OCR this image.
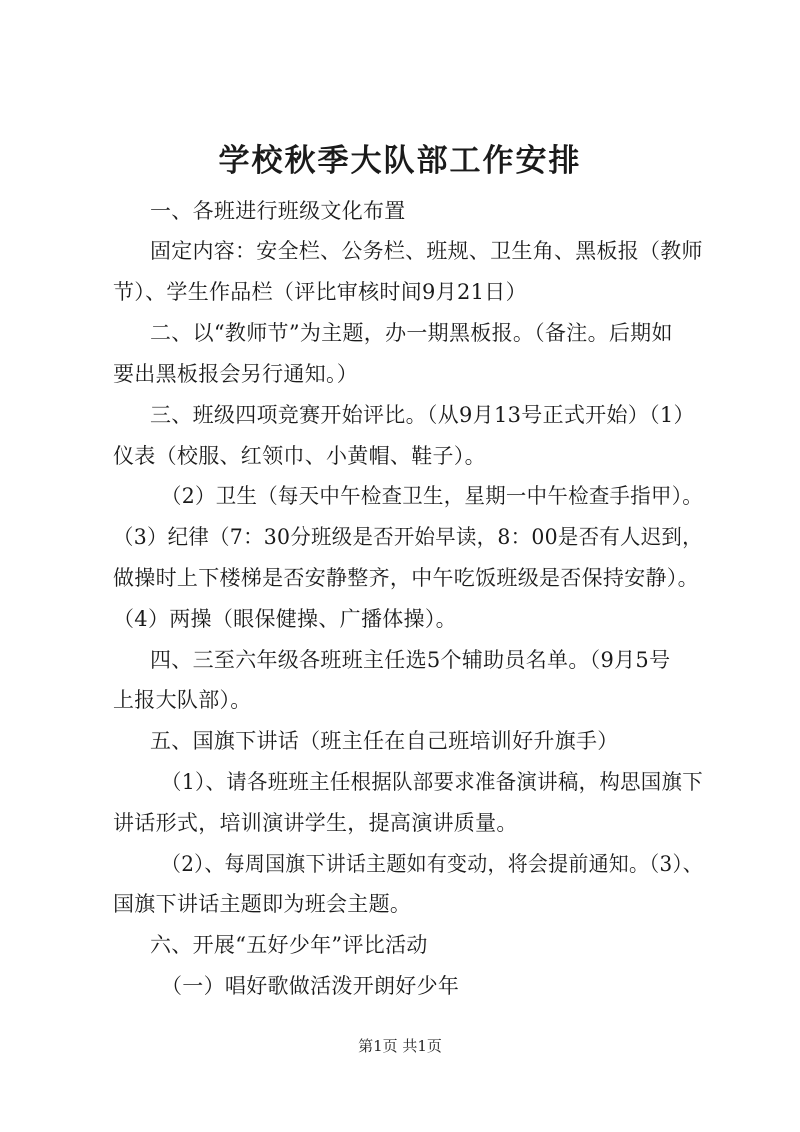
学校秋季大队部工作安排
一、各班进行班级文化布置
固定内容：安全栏、公务栏、班规、卫生角、黑板报（教师
节）、学生作品栏（评比审核时间9月21日）
二、以“教师节”为主题，办一期黑板报。（备注。后期如
要出黑板报会另行通知。）
三、班级四项竞赛开始评比。（从9月13号正式开始）（1）
仪表（校服、红领巾、小黄帽、鞋子）。
（2）卫生（每天中午检查卫生，星期一中午检查手指甲）。
（3）纪律（7：30分班级是否开始早读，8：00是否有人迟到，
做操时上下楼梯是否安静整齐，中午吃饭班级是否保持安静）。
（4）两操（眼保健操、广播体操）。
四、三至六年级各班班主任选5个辅助员名单。（9月5号
上报大队部）。
五、国旗下讲话（班主任在自己班培训好升旗手）
（1）、请各班班主任根据队部要求准备演讲稿，构思国旗下
讲话形式，培训演讲学生，提高演讲质量。
（2）、每周国旗下讲话主题如有变动，将会提前通知。（3）、
国旗下讲话主题即为班会主题。
六、开展“五好少年”评比活动
（一）唱好歌做活泼开朗好少年
第1页 共1页
